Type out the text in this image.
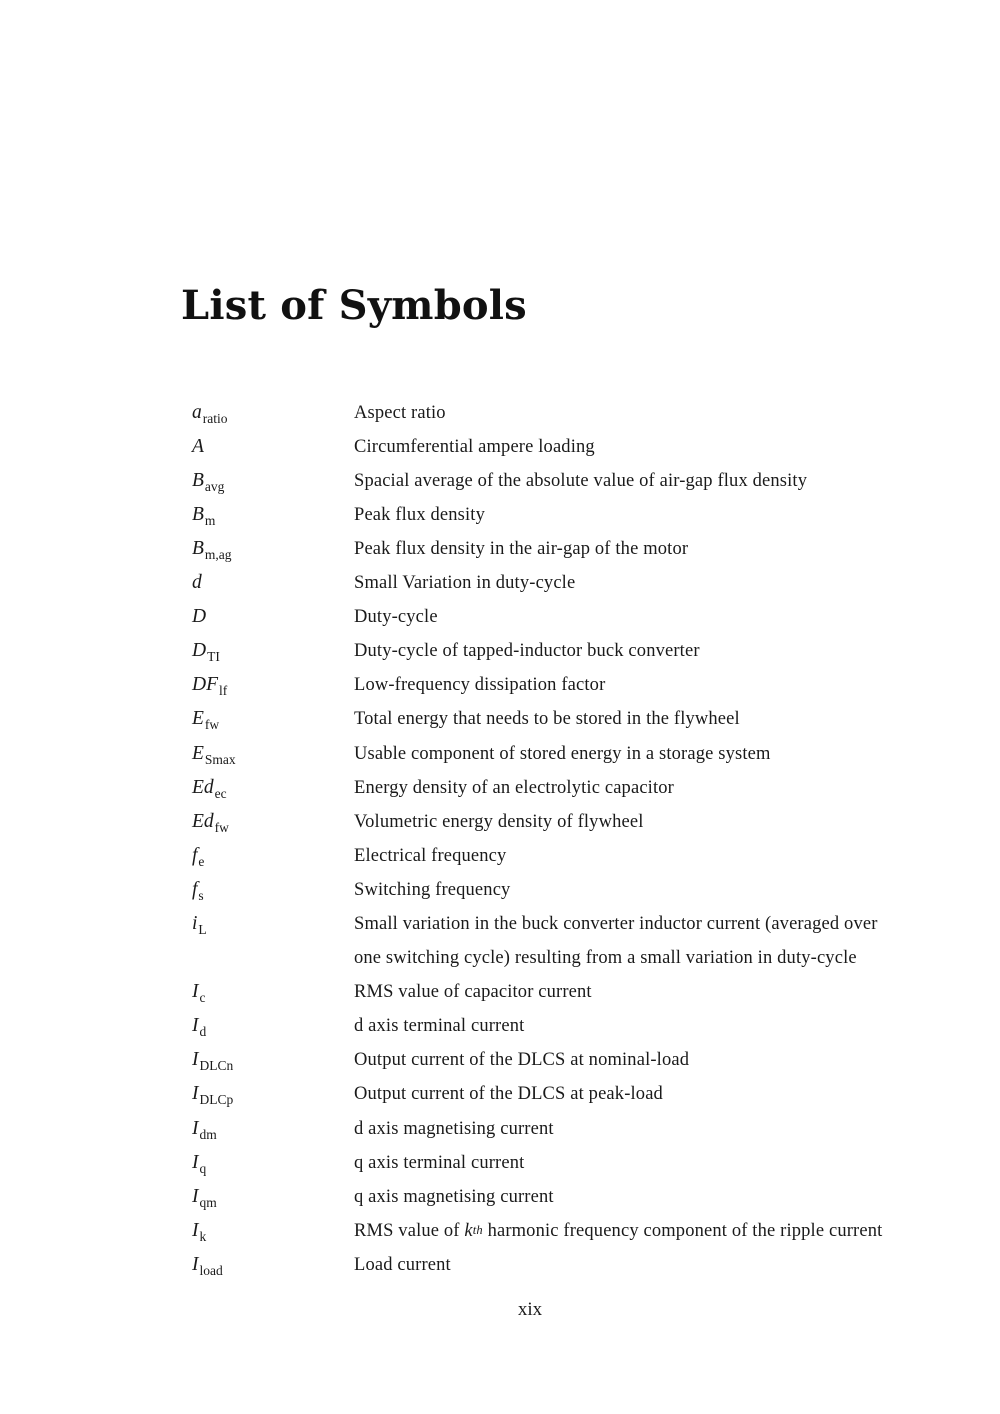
List of Symbols
$a_{ratio}$	Aspect ratio
A	Circumferential ampere loading
$B_{avg}$	Spacial average of the absolute value of air-gap flux density
$B_m$	Peak flux density
$B_{m,ag}$	Peak flux density in the air-gap of the motor
d	Small Variation in duty-cycle
D	Duty-cycle
$D_{TI}$	Duty-cycle of tapped-inductor buck converter
$DF_{lf}$	Low-frequency dissipation factor
$E_{fw}$	Total energy that needs to be stored in the flywheel
$E_{Smax}$	Usable component of stored energy in a storage system
$Ed_{ec}$	Energy density of an electrolytic capacitor
$Ed_{fw}$	Volumetric energy density of flywheel
$f_e$	Electrical frequency
$f_s$	Switching frequency
$i_L$	Small variation in the buck converter inductor current (averaged over
one switching cycle) resulting from a small variation in duty-cycle
$I_c$	RMS value of capacitor current
$I_d$	d axis terminal current
$I_{DLCn}$	Output current of the DLCS at nominal-load
$I_{DLCp}$	Output current of the DLCS at peak-load
$I_{dm}$	d axis magnetising current
$I_q$	q axis terminal current
$I_{qm}$	q axis magnetising current
$I_k$	RMS value of $k^{th}$ harmonic frequency component of the ripple current
$I_{load}$	Load current
xix
